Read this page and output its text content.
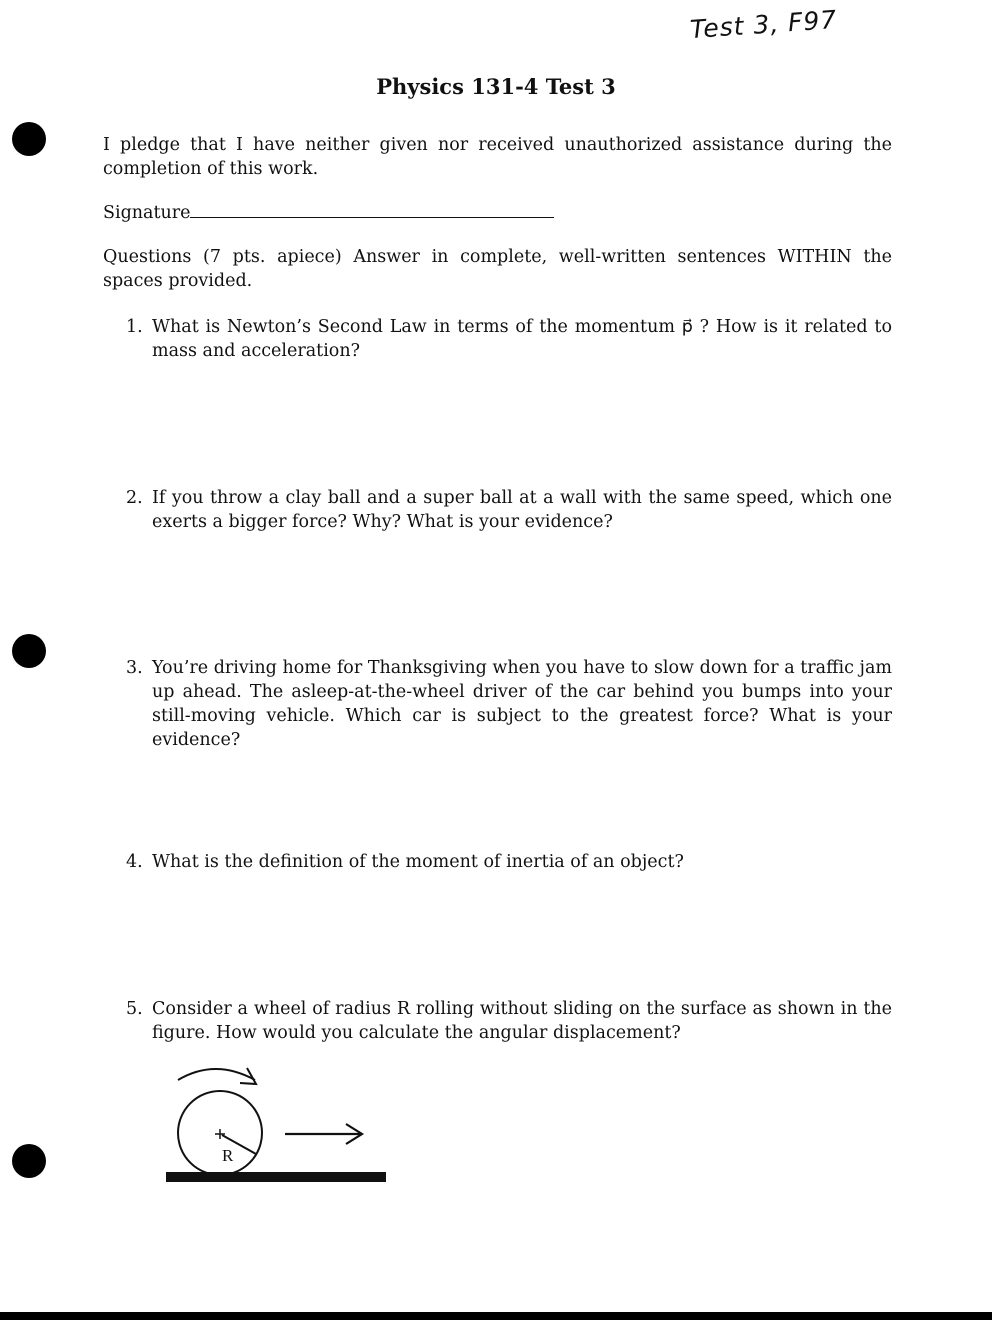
Test 3, F97
Physics 131-4 Test 3
I pledge that I have neither given nor received unauthorized assistance during the completion of this work.
Signature
Questions (7 pts. apiece) Answer in complete, well-written sentences WITHIN the spaces provided.
1. What is Newton’s Second Law in terms of the momentum p⃗ ? How is it related to mass and acceleration?
2. If you throw a clay ball and a super ball at a wall with the same speed, which one exerts a bigger force? Why? What is your evidence?
3. You’re driving home for Thanksgiving when you have to slow down for a traffic jam up ahead. The asleep-at-the-wheel driver of the car behind you bumps into your still-moving vehicle. Which car is subject to the greatest force? What is your evidence?
4. What is the definition of the moment of inertia of an object?
5. Consider a wheel of radius R rolling without sliding on the surface as shown in the figure. How would you calculate the angular displacement?
R
